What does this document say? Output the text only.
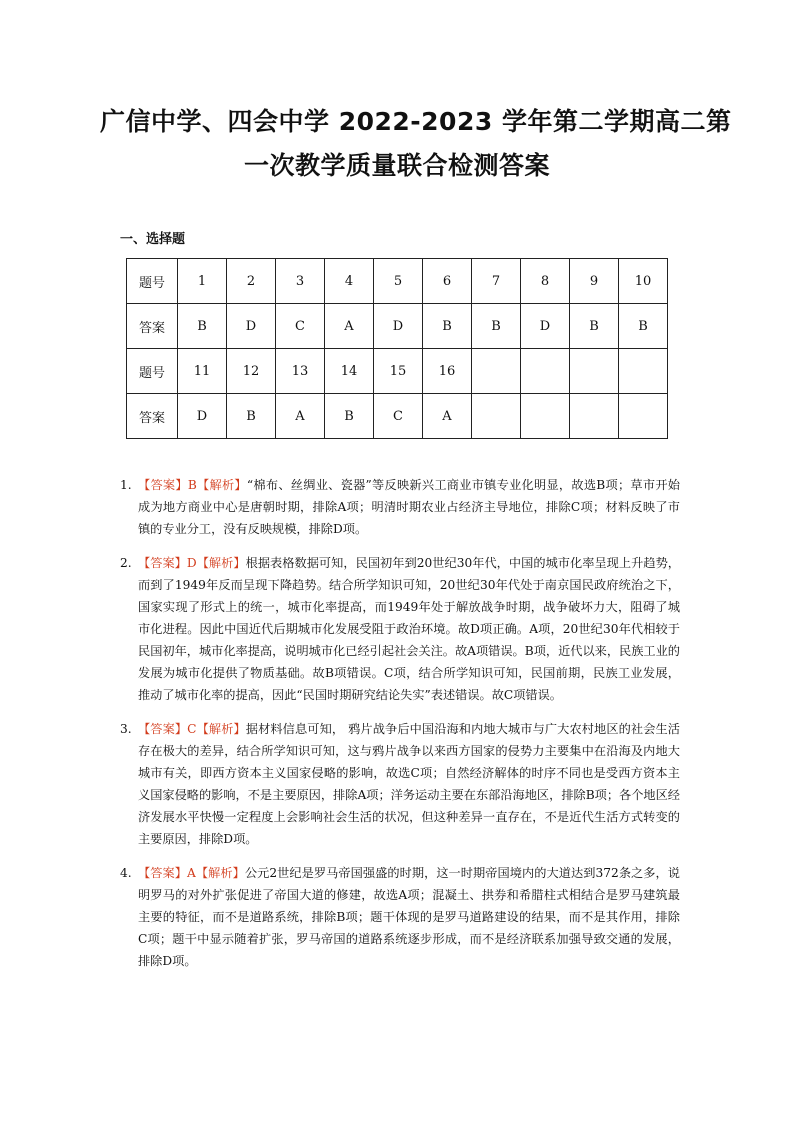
广信中学、四会中学 2022-2023 学年第二学期高二第
一次教学质量联合检测答案
一、选择题
题号	1	2	3	4	5	6	7	8	9	10
答案	B	D	C	A	D	B	B	D	B	B
题号	11	12	13	14	15	16				
答案	D	B	A	B	C	A				
1. 【答案】B【解析】“棉布、丝绸业、瓷器”等反映新兴工商业市镇专业化明显，故选B项；草市开始成为地方商业中心是唐朝时期，排除A项；明清时期农业占经济主导地位，排除C项；材料反映了市镇的专业分工，没有反映规模，排除D项。
2. 【答案】D【解析】根据表格数据可知，民国初年到20世纪30年代，中国的城市化率呈现上升趋势，而到了1949年反而呈现下降趋势。结合所学知识可知，20世纪30年代处于南京国民政府统治之下，国家实现了形式上的统一，城市化率提高，而1949年处于解放战争时期，战争破坏力大，阻碍了城市化进程。因此中国近代后期城市化发展受阻于政治环境。故D项正确。A项，20世纪30年代相较于民国初年，城市化率提高，说明城市化已经引起社会关注。故A项错误。B项，近代以来，民族工业的发展为城市化提供了物质基础。故B项错误。C项，结合所学知识可知，民国前期，民族工业发展，推动了城市化率的提高，因此“民国时期研究结论失实”表述错误。故C项错误。
3. 【答案】C【解析】据材料信息可知， 鸦片战争后中国沿海和内地大城市与广大农村地区的社会生活存在极大的差异，结合所学知识可知，这与鸦片战争以来西方国家的侵势力主要集中在沿海及内地大城市有关，即西方资本主义国家侵略的影响，故选C项；自然经济解体的时序不同也是受西方资本主义国家侵略的影响，不是主要原因，排除A项；洋务运动主要在东部沿海地区，排除B项；各个地区经济发展水平快慢一定程度上会影响社会生活的状况，但这种差异一直存在，不是近代生活方式转变的主要原因，排除D项。
4. 【答案】A【解析】公元2世纪是罗马帝国强盛的时期，这一时期帝国境内的大道达到372条之多，说明罗马的对外扩张促进了帝国大道的修建，故选A项；混凝土、拱券和希腊柱式相结合是罗马建筑最主要的特征，而不是道路系统，排除B项；题干体现的是罗马道路建设的结果，而不是其作用，排除C项；题干中显示随着扩张，罗马帝国的道路系统逐步形成，而不是经济联系加强导致交通的发展，排除D项。
